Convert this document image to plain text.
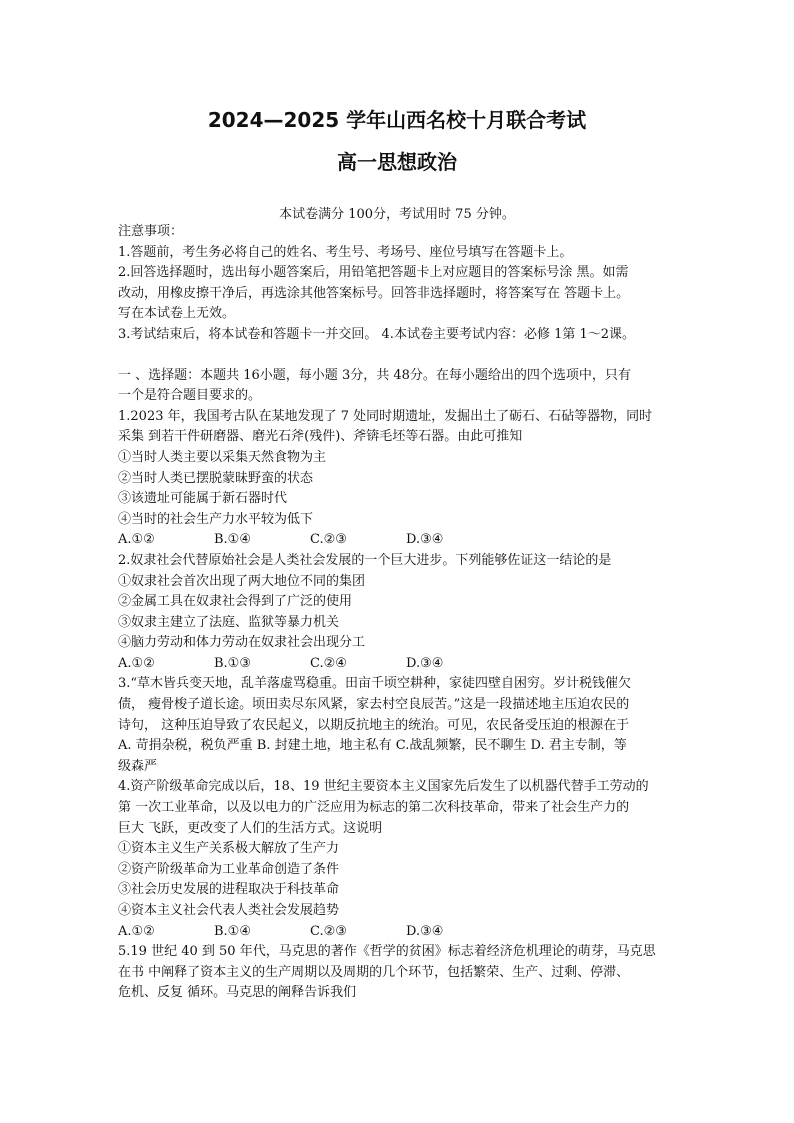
2024—2025 学年山西名校十月联合考试
高一思想政治
本试卷满分 100分，考试用时 75 分钟。
注意事项：
1.答题前，考生务必将自己的姓名、考生号、考场号、座位号填写在答题卡上。
2.回答选择题时，选出每小题答案后，用铅笔把答题卡上对应题目的答案标号涂 黑。如需
改动，用橡皮擦干净后，再选涂其他答案标号。回答非选择题时，将答案写在 答题卡上。
写在本试卷上无效。
3.考试结束后，将本试卷和答题卡一并交回。 4.本试卷主要考试内容：必修 1第 1～2课。
一 、选择题：本题共 16小题，每小题 3分，共 48分。在每小题给出的四个选项中，只有
一个是符合题目要求的。
1.2023 年，我国考古队在某地发现了 7 处同时期遗址，发掘出土了砺石、石砧等器物，同时
采集 到若干件研磨器、磨光石斧(残件)、斧锛毛坯等石器。由此可推知
①当时人类主要以采集天然食物为主
②当时人类已摆脱蒙昧野蛮的状态
③该遗址可能属于新石器时代
④当时的社会生产力水平较为低下
A.①②	B.①④	C.②③	D.③④
2.奴隶社会代替原始社会是人类社会发展的一个巨大进步。下列能够佐证这一结论的是
①奴隶社会首次出现了两大地位不同的集团
②金属工具在奴隶社会得到了广泛的使用
③奴隶主建立了法庭、监狱等暴力机关
④脑力劳动和体力劳动在奴隶社会出现分工
A.①②	B.①③	C.②④	D.③④
3.“草木皆兵变天地，乱羊落虚骂稳重。田亩千顷空耕种，家徒四壁自困穷。岁计税钱催欠
债， 瘦骨梭子道长途。顷田卖尽东风紧，家去村空良辰苦。”这是一段描述地主压迫农民的
诗句， 这种压迫导致了农民起义，以期反抗地主的统治。可见，农民备受压迫的根源在于
A. 苛捐杂税，税负严重 B. 封建土地，地主私有 C.战乱频繁，民不聊生 D. 君主专制，等
级森严
4.资产阶级革命完成以后，18、19 世纪主要资本主义国家先后发生了以机器代替手工劳动的
第 一次工业革命，以及以电力的广泛应用为标志的第二次科技革命，带来了社会生产力的
巨大 飞跃，更改变了人们的生活方式。这说明
①资本主义生产关系极大解放了生产力
②资产阶级革命为工业革命创造了条件
③社会历史发展的进程取决于科技革命
④资本主义社会代表人类社会发展趋势
A.①②	B.①④	C.②③	D.③④
5.19 世纪 40 到 50 年代，马克思的著作《哲学的贫困》标志着经济危机理论的萌芽，马克思
在书 中阐释了资本主义的生产周期以及周期的几个环节，包括繁荣、生产、过剩、停滞、
危机、反复 循环。马克思的阐释告诉我们
